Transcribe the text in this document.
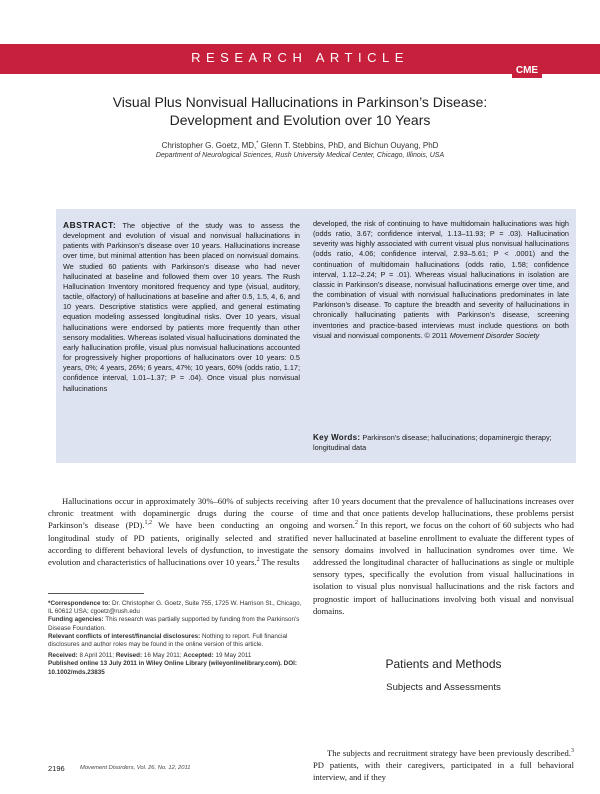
RESEARCH ARTICLE
CME
Visual Plus Nonvisual Hallucinations in Parkinson’s Disease:
Development and Evolution over 10 Years
Christopher G. Goetz, MD,* Glenn T. Stebbins, PhD, and Bichun Ouyang, PhD
Department of Neurological Sciences, Rush University Medical Center, Chicago, Illinois, USA
ABSTRACT: The objective of the study was to assess the development and evolution of visual and nonvisual hallucinations in patients with Parkinson’s disease over 10 years. Hallucinations increase over time, but minimal attention has been placed on nonvisual domains. We studied 60 patients with Parkinson’s disease who had never hallucinated at baseline and followed them over 10 years. The Rush Hallucination Inventory monitored frequency and type (visual, auditory, tactile, olfactory) of hallucinations at baseline and after 0.5, 1.5, 4, 6, and 10 years. Descriptive statistics were applied, and general estimating equation modeling assessed longitudinal risks. Over 10 years, visual hallucinations were endorsed by patients more frequently than other sensory modalities. Whereas isolated visual hallucinations dominated the early hallucination profile, visual plus nonvisual hallucinations accounted for progressively higher proportions of hallucinators over 10 years: 0.5 years, 0%; 4 years, 26%; 6 years, 47%; 10 years, 60% (odds ratio, 1.17; confidence interval, 1.01–1.37; P = .04). Once visual plus nonvisual hallucinations
developed, the risk of continuing to have multidomain hallucinations was high (odds ratio, 3.67; confidence interval, 1.13–11.93; P = .03). Hallucination severity was highly associated with current visual plus nonvisual hallucinations (odds ratio, 4.06; confidence interval, 2.93–5.61; P < .0001) and the continuation of multidomain hallucinations (odds ratio, 1.58; confidence interval, 1.12–2.24; P = .01). Whereas visual hallucinations in isolation are classic in Parkinson’s disease, nonvisual hallucinations emerge over time, and the combination of visual with nonvisual hallucinations predominates in late Parkinson’s disease. To capture the breadth and severity of hallucinations in chronically hallucinating patients with Parkinson’s disease, screening inventories and practice-based interviews must include questions on both visual and nonvisual components. © 2011 Movement Disorder Society
Key Words: Parkinson’s disease; hallucinations; dopaminergic therapy; longitudinal data
Hallucinations occur in approximately 30%–60% of subjects receiving chronic treatment with dopaminergic drugs during the course of Parkinson’s disease (PD).$^{1,2}$ We have been conducting an ongoing longitudinal study of PD patients, originally selected and stratified according to different behavioral levels of dysfunction, to investigate the evolution and characteristics of hallucinations over 10 years.$^2$ The results

*Correspondence to: Dr. Christopher G. Goetz, Suite 755, 1725 W. Harrison St., Chicago, IL 60612 USA; cgoetz@rush.edu

Funding agencies: This research was partially supported by funding from the Parkinson’s Disease Foundation.

Relevant conflicts of interest/financial disclosures: Nothing to report. Full financial disclosures and author roles may be found in the online version of this article.

Received: 8 April 2011; Revised: 16 May 2011; Accepted: 19 May 2011

Published online 13 July 2011 in Wiley Online Library (wileyonlinelibrary.com). DOI: 10.1002/mds.23835

after 10 years document that the prevalence of hallucinations increases over time and that once patients develop hallucinations, these problems persist and worsen.$^2$ In this report, we focus on the cohort of 60 subjects who had never hallucinated at baseline enrollment to evaluate the different types of sensory domains involved in hallucination syndromes over time. We addressed the longitudinal character of hallucinations as single or multiple sensory types, specifically the evolution from visual hallucinations in isolation to visual plus nonvisual hallucinations and the risk factors and prognostic import of hallucinations involving both visual and nonvisual domains.
Patients and Methods
Subjects and Assessments
The subjects and recruitment strategy have been previously described.$^3$ PD patients, with their caregivers, participated in a full behavioral interview, and if they
2196	Movement Disorders, Vol. 26, No. 12, 2011
